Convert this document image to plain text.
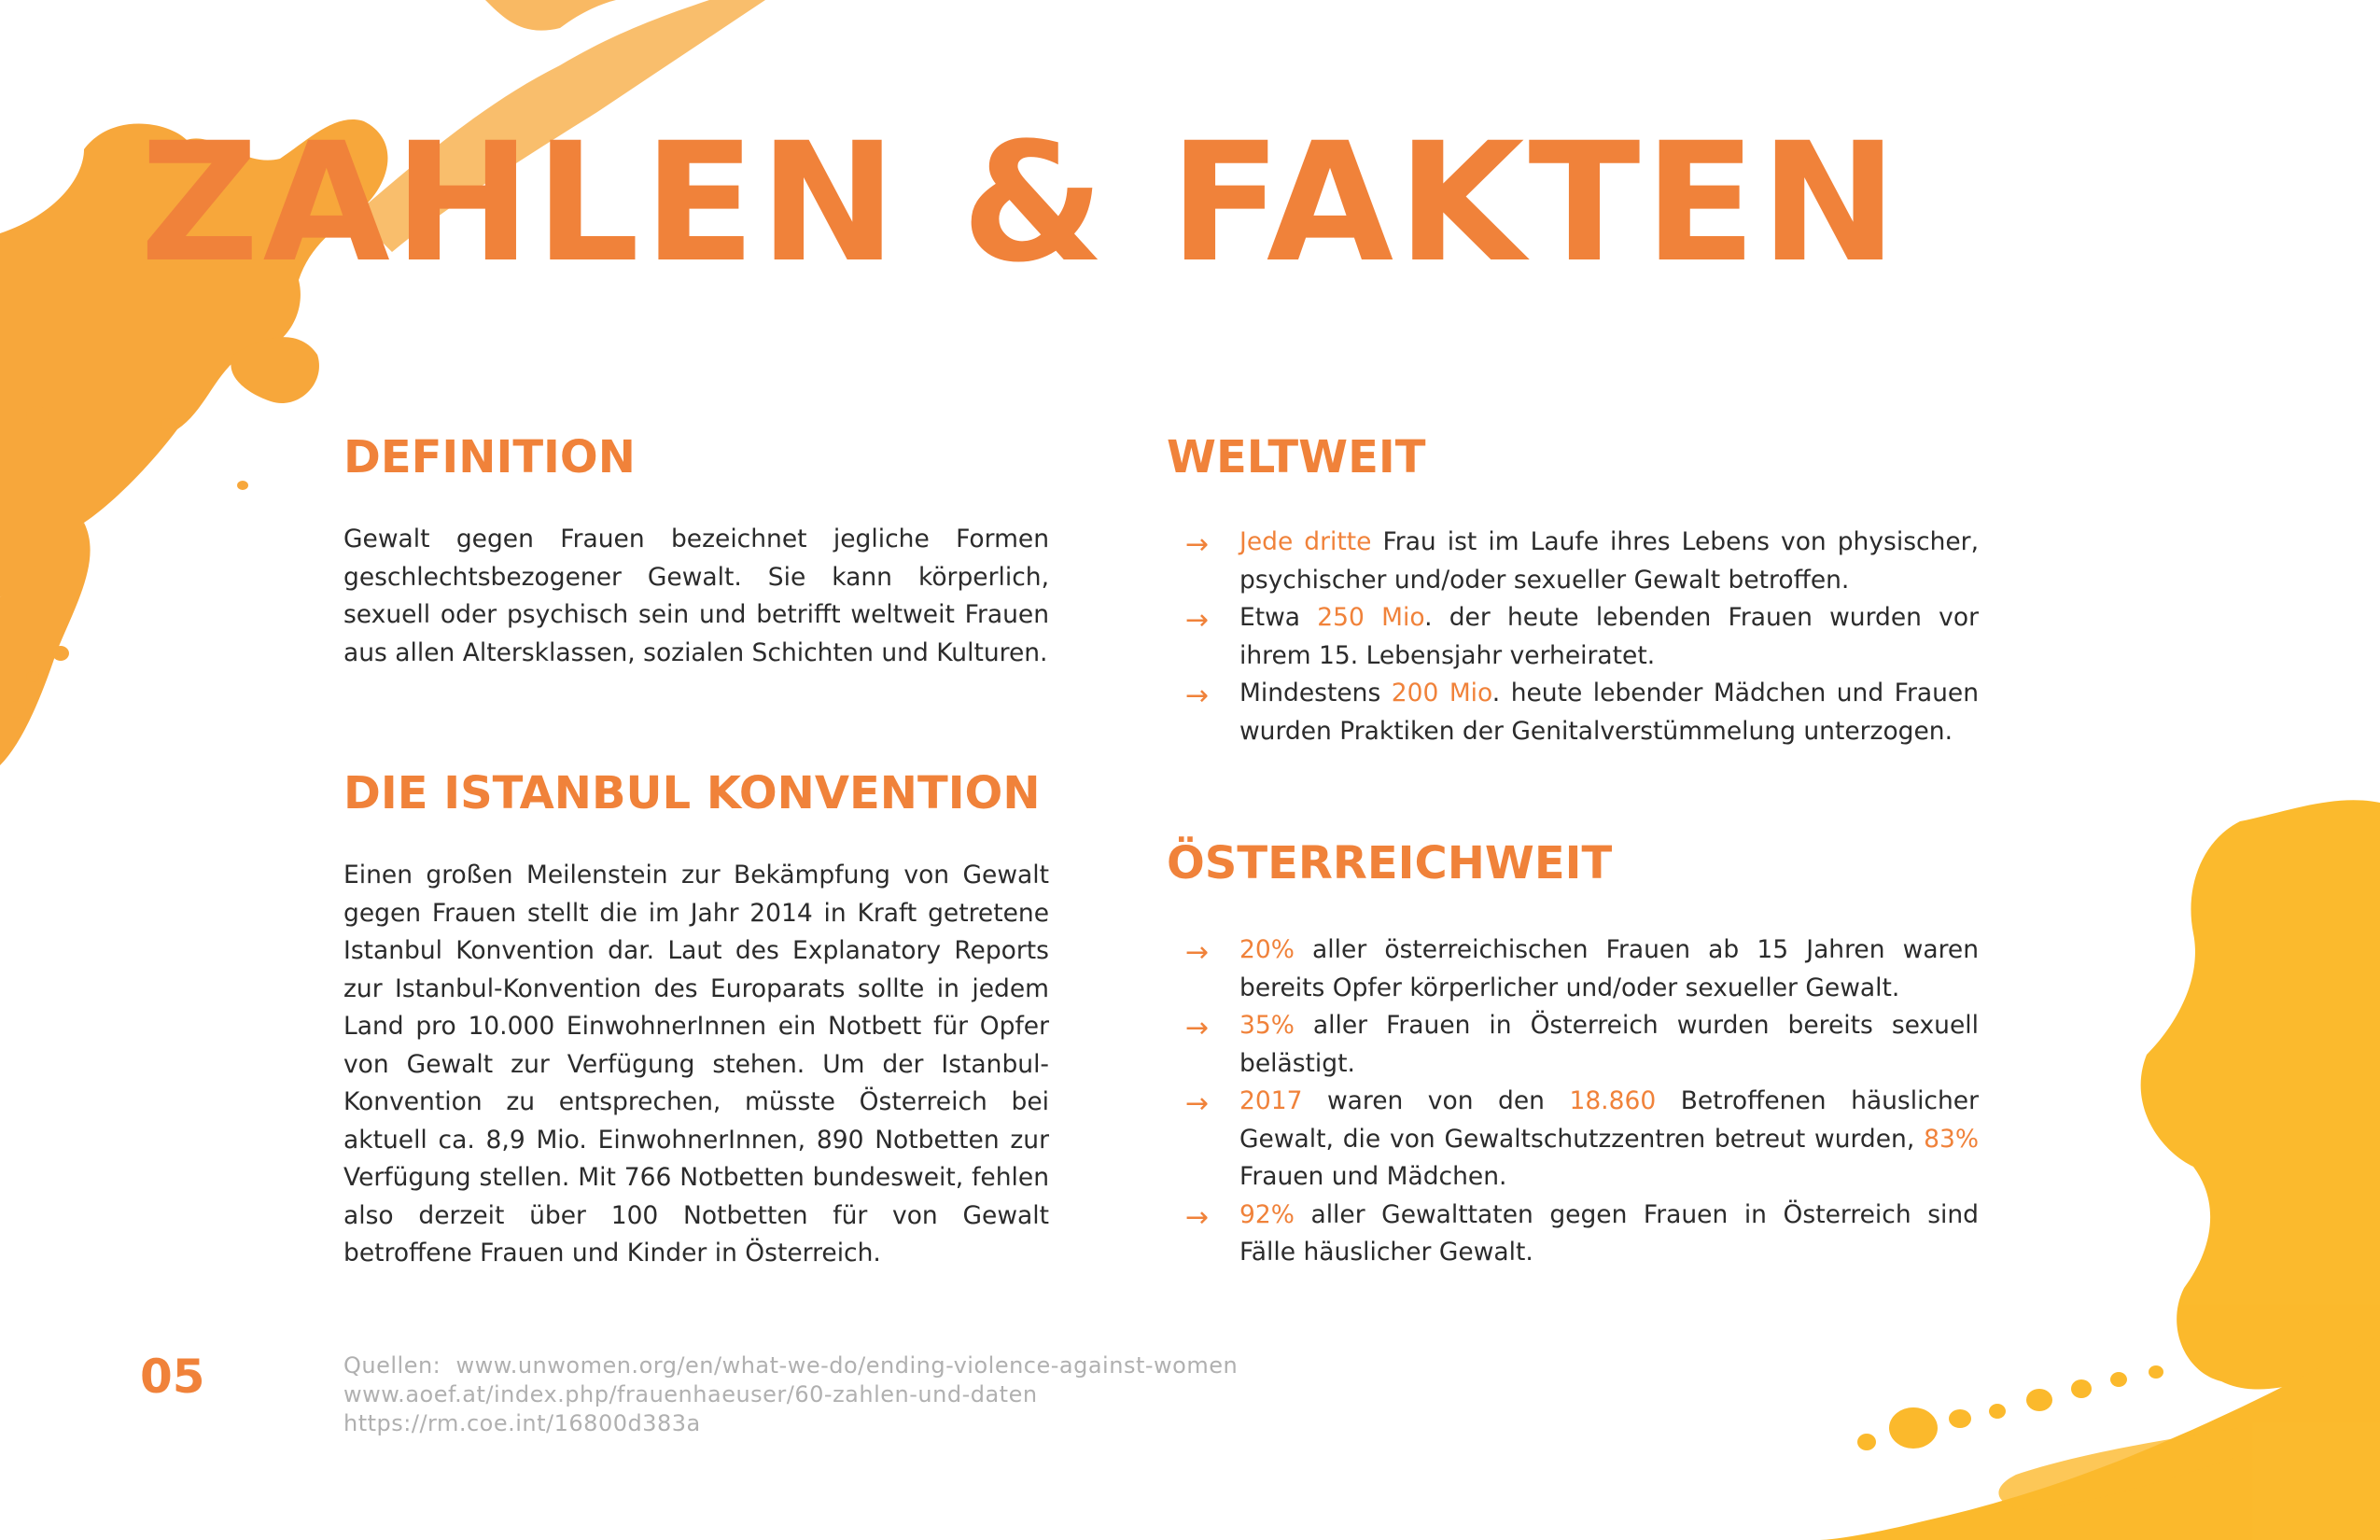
ZAHLEN & FAKTEN
DEFINITION

Gewalt gegen Frauen bezeichnet jegliche Formen geschlechtsbezogener Gewalt. Sie kann körperlich, sexuell oder psychisch sein und betrifft weltweit Frauen aus allen Altersklassen, sozialen Schichten und Kulturen.

DIE ISTANBUL KONVENTION

Einen großen Meilenstein zur Bekämpfung von Gewalt gegen Frauen stellt die im Jahr 2014 in Kraft getretene Istanbul Konvention dar. Laut des Explanatory Reports zur Istanbul-Konvention des Europarats sollte in jedem Land pro 10.000 EinwohnerInnen ein Notbett für Opfer von Gewalt zur Verfügung stehen. Um der Istanbul-Konvention zu entsprechen, müsste Österreich bei aktuell ca. 8,9 Mio. EinwohnerInnen, 890 Notbetten zur Verfügung stellen. Mit 766 Notbetten bundesweit, fehlen also derzeit über 100 Notbetten für von Gewalt betroffene Frauen und Kinder in Österreich.

WELTWEIT
→ Jede dritte Frau ist im Laufe ihres Lebens von physischer, psychischer und/oder sexueller Gewalt betroffen.
→ Etwa 250 Mio. der heute lebenden Frauen wurden vor ihrem 15. Lebensjahr verheiratet.
→ Mindestens 200 Mio. heute lebender Mädchen und Frauen wurden Praktiken der Genitalverstümmelung unterzogen.
ÖSTERREICHWEIT
→ 20% aller österreichischen Frauen ab 15 Jahren waren bereits Opfer körperlicher und/oder sexueller Gewalt.
→ 35% aller Frauen in Österreich wurden bereits sexuell belästigt.
→ 2017 waren von den 18.860 Betroffenen häuslicher Gewalt, die von Gewaltschutzzentren betreut wurden, 83% Frauen und Mädchen.
→ 92% aller Gewalttaten gegen Frauen in Österreich sind Fälle häuslicher Gewalt.
05	Quellen: www.unwomen.org/en/what-we-do/ending-violence-against-women
www.aoef.at/index.php/frauenhaeuser/60-zahlen-und-daten
https://rm.coe.int/16800d383a
